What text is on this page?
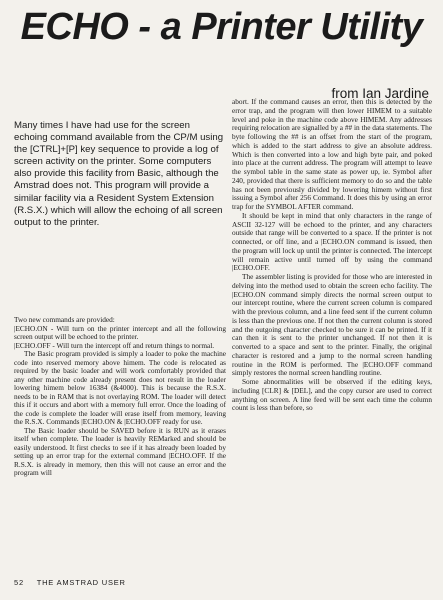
ECHO - a Printer Utility
from Ian Jardine

Many times I have had use for the screen echoing command available from the CP/M using the [CTRL]+[P] key sequence to provide a log of screen activity on the printer. Some computers also provide this facility from Basic, although the Amstrad does not. This program will provide a similar facility via a Resident System Extension (R.S.X.) which will allow the echoing of all screen output to the printer.

Two new commands are provided:

|ECHO.ON - Will turn on the printer intercept and all the following screen output will be echoed to the printer.

|ECHO.OFF - Will turn the intercept off and return things to normal.

The Basic program provided is simply a loader to poke the machine code into reserved memory above himem. The code is relocated as required by the basic loader and will work comfortably provided that any other machine code already present does not result in the loader lowering himem below 16384 (&4000). This is because the R.S.X. needs to be in RAM that is not overlaying ROM. The loader will detect this if it occurs and abort with a memory full error. Once the loading of the code is complete the loader will erase itself from memory, leaving the R.S.X. Commands |ECHO.ON & |ECHO.OFF ready for use.

The Basic loader should be SAVED before it is RUN as it erases itself when complete. The loader is heavily REMarked and should be easily understood. It first checks to see if it has already been loaded by setting up an error trap for the external command |ECHO.OFF. If the R.S.X. is already in memory, then this will not cause an error and the program will

abort. If the command causes an error, then this is detected by the error trap, and the program will then lower HIMEM to a suitable level and poke in the machine code above HIMEM. Any addresses requiring relocation are signalled by a ## in the data statements. The byte following the ## is an offset from the start of the program, which is added to the start address to give an absolute address. Which is then converted into a low and high byte pair, and poked into place at the current address. The program will attempt to leave the symbol table in the same state as power up, ie. Symbol after 240, provided that there is sufficient memory to do so and the table has not been previously divided by lowering himem without first issuing a Symbol after 256 Command. It does this by using an error trap for the SYMBOL AFTER command.

It should be kept in mind that only characters in the range of ASCII 32-127 will be echoed to the printer, and any characters outside that range will be converted to a space. If the printer is not connected, or off line, and a |ECHO.ON command is issued, then the program will lock up until the printer is connected. The intercept will remain active until turned off by using the command |ECHO.OFF.

The assembler listing is provided for those who are interested in delving into the method used to obtain the screen echo facility. The |ECHO.ON command simply directs the normal screen output to our intercept routine, where the current screen column is compared with the previous column, and a line feed sent if the current column is less than the previous one. If not then the current column is stored and the outgoing character checked to be sure it can be printed. If it can then it is sent to the printer unchanged. If not then it is converted to a space and sent to the printer. Finally, the original character is restored and a jump to the normal screen handling routine in the ROM is performed. The |ECHO.OFF command simply restores the normal screen handling routine.

Some abnormalities will be observed if the editing keys, including [CLR] & [DEL], and the copy cursor are used to correct anything on screen. A line feed will be sent each time the column count is less than before, so

52 THE AMSTRAD USER
